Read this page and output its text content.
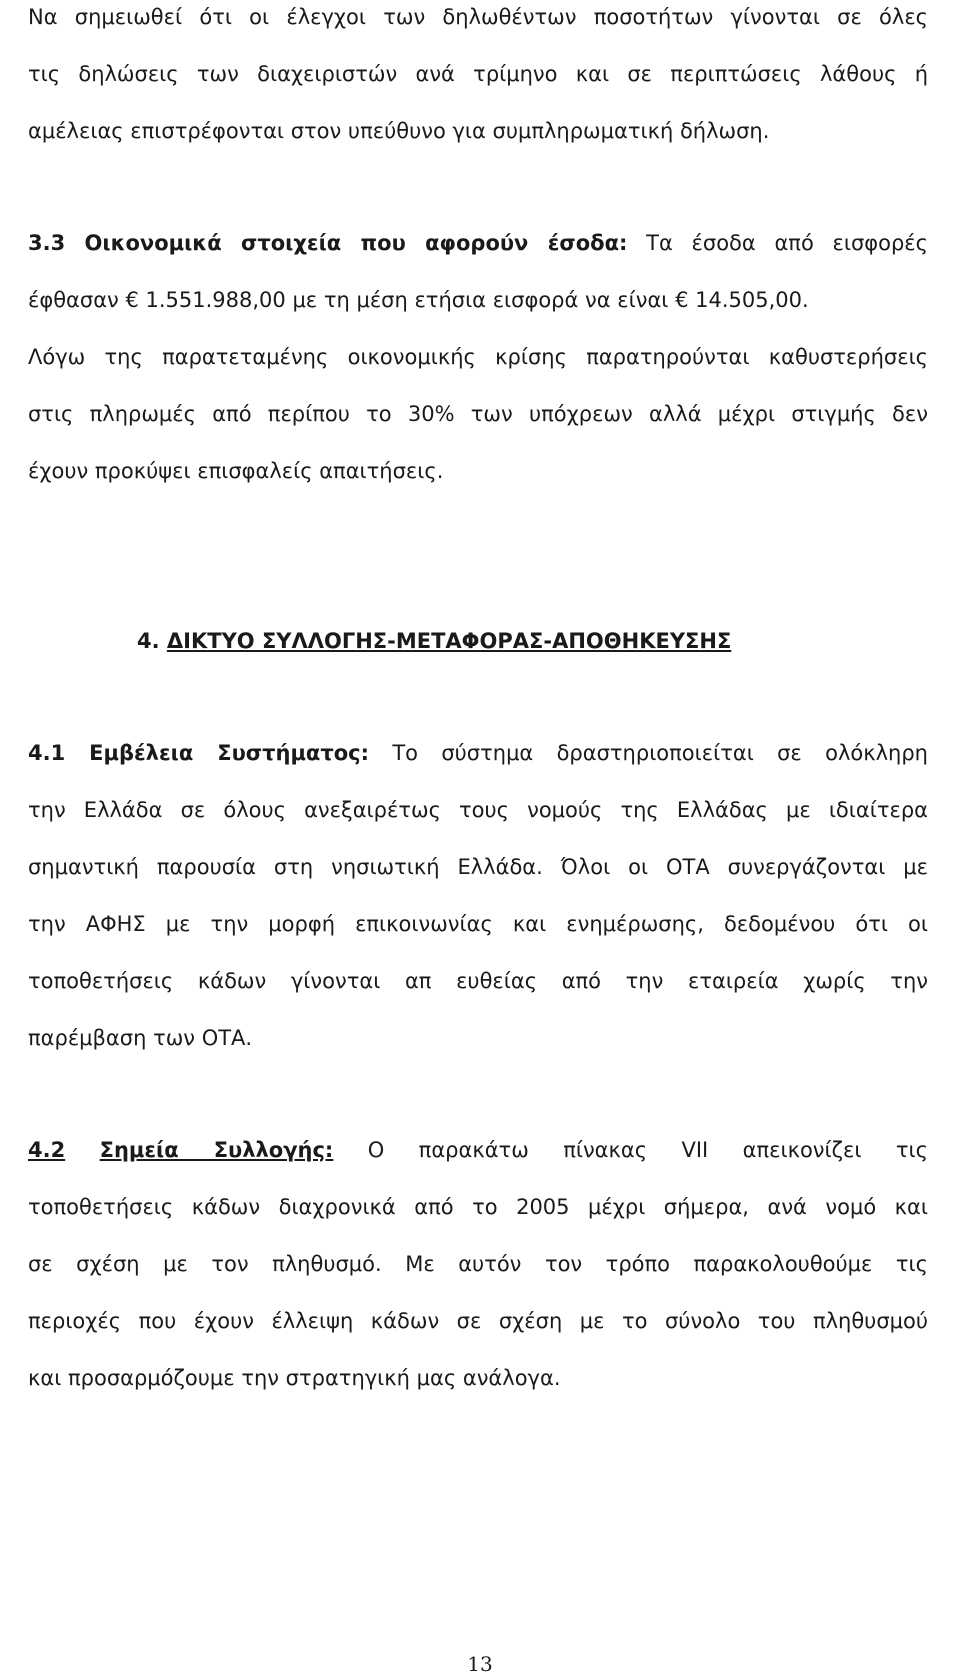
Να σημειωθεί ότι οι έλεγχοι των δηλωθέντων ποσοτήτων γίνονται σε όλες

τις δηλώσεις των διαχειριστών ανά τρίμηνο και σε περιπτώσεις λάθους ή

αμέλειας επιστρέφονται στον υπεύθυνο για συμπληρωματική δήλωση.

3.3 Οικονομικά στοιχεία που αφορούν έσοδα: Τα έσοδα από εισφορές

έφθασαν € 1.551.988,00 με τη μέση ετήσια εισφορά να είναι € 14.505,00.

Λόγω της παρατεταμένης οικονομικής κρίσης παρατηρούνται καθυστερήσεις

στις πληρωμές από περίπου το 30% των υπόχρεων αλλά μέχρι στιγμής δεν

έχουν προκύψει επισφαλείς απαιτήσεις.

4. ΔΙΚΤΥΟ ΣΥΛΛΟΓΗΣ-ΜΕΤΑΦΟΡΑΣ-ΑΠΟΘΗΚΕΥΣΗΣ

4.1 Εμβέλεια Συστήματος: Το σύστημα δραστηριοποιείται σε ολόκληρη

την Ελλάδα σε όλους ανεξαιρέτως τους νομούς της Ελλάδας με ιδιαίτερα

σημαντική παρουσία στη νησιωτική Ελλάδα. Όλοι οι ΟΤΑ συνεργάζονται με

την ΑΦΗΣ με την μορφή επικοινωνίας και ενημέρωσης, δεδομένου ότι οι

τοποθετήσεις κάδων γίνονται απ ευθείας από την εταιρεία χωρίς την

παρέμβαση των ΟΤΑ.

4.2 Σημεία Συλλογής: Ο παρακάτω πίνακας VII απεικονίζει τις

τοποθετήσεις κάδων διαχρονικά από το 2005 μέχρι σήμερα, ανά νομό και

σε σχέση με τον πληθυσμό. Με αυτόν τον τρόπο παρακολουθούμε τις

περιοχές που έχουν έλλειψη κάδων σε σχέση με το σύνολο του πληθυσμού

και προσαρμόζουμε την στρατηγική μας ανάλογα.

13
